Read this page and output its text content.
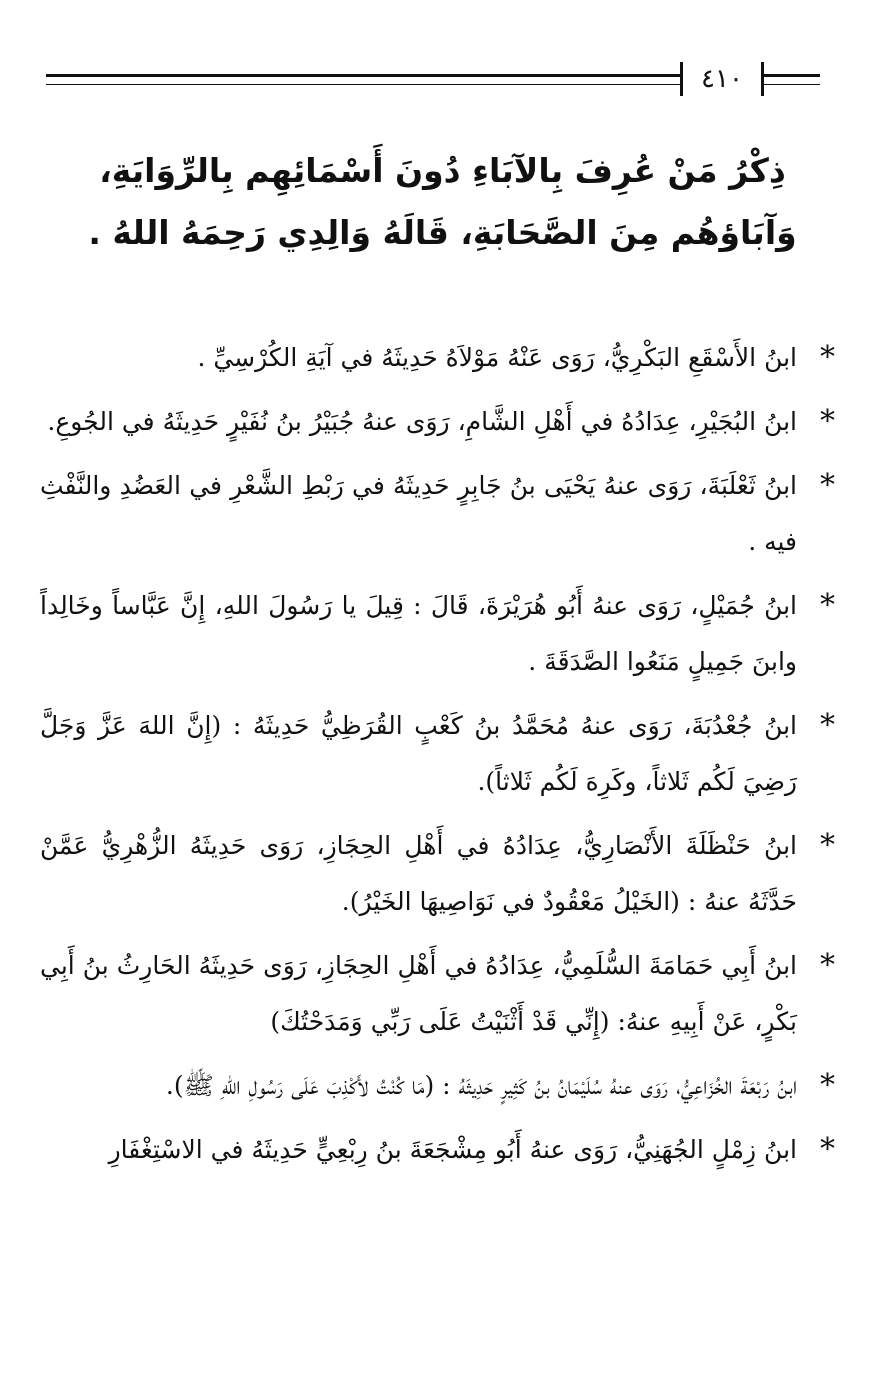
٤١٠
ذِكْرُ مَنْ عُرِفَ بِالآبَاءِ دُونَ أَسْمَائِهِم بِالرِّوَايَةِ،
وَآبَاؤهُم مِنَ الصَّحَابَةِ، قَالَهُ وَالِدِي رَحِمَهُ اللهُ .
*
ابنُ الأَسْقَعِ البَكْرِيُّ، رَوَى عَنْهُ مَوْلاَهُ حَدِيثَهُ في آيَةِ الكُرْسِيِّ .
*
ابنُ البُجَيْرِ، عِدَادُهُ في أَهْلِ الشَّامِ، رَوَى عنهُ جُبَيْرُ بنُ نُفَيْرٍ حَدِيثَهُ في الجُوعِ.
*
ابنُ ثَعْلَبَةَ، رَوَى عنهُ يَحْيَى بنُ جَابِرٍ حَدِيثَهُ في رَبْطِ الشَّعْرِ في العَضُدِ والنَّفْثِ فيه .
*
ابنُ جُمَيْلٍ، رَوَى عنهُ أَبُو هُرَيْرَةَ، قَالَ : قِيلَ يا رَسُولَ اللهِ، إِنَّ عَبَّاساً وخَالِداً وابنَ جَمِيلٍ مَنَعُوا الصَّدَقَةَ .
*
ابنُ جُعْدُبَةَ، رَوَى عنهُ مُحَمَّدُ بنُ كَعْبٍ القُرَظِيُّ حَدِيثَهُ : (إِنَّ اللهَ عَزَّ وَجَلَّ رَضِيَ لَكُم ثَلاثاً، وكَرِهَ لَكُم ثَلاثاً).
*
ابنُ حَنْظَلَةَ الأَنْصَارِيُّ، عِدَادُهُ في أَهْلِ الحِجَازِ، رَوَى حَدِيثَهُ الزُّهْرِيُّ عَمَّنْ حَدَّثَهُ عنهُ : (الخَيْلُ مَعْقُودٌ في نَوَاصِيهَا الخَيْرُ).
*
ابنُ أَبِي حَمَامَةَ السُّلَمِيُّ، عِدَادُهُ في أَهْلِ الحِجَازِ، رَوَى حَدِيثَهُ الحَارِثُ بنُ أَبِي بَكْرٍ، عَنْ أَبِيهِ عنهُ: (إِنِّي قَدْ أَثْنَيْتُ عَلَى رَبِّي وَمَدَحْتُكَ)
*
ابنُ رَبْعَةَ الخُزَاعِيُّ، رَوَى عنهُ سُلَيْمَانُ بنُ كَثِيرٍ حَدِيثَهُ : (مَا كُنْتُ لأَكْذِبَ عَلَى رَسُولِ اللهِ ﷺ).
*
ابنُ زِمْلٍ الجُهَنِيُّ، رَوَى عنهُ أَبُو مِشْجَعَةَ بنُ رِبْعِيٍّ حَدِيثَهُ في الاسْتِغْفَارِ
